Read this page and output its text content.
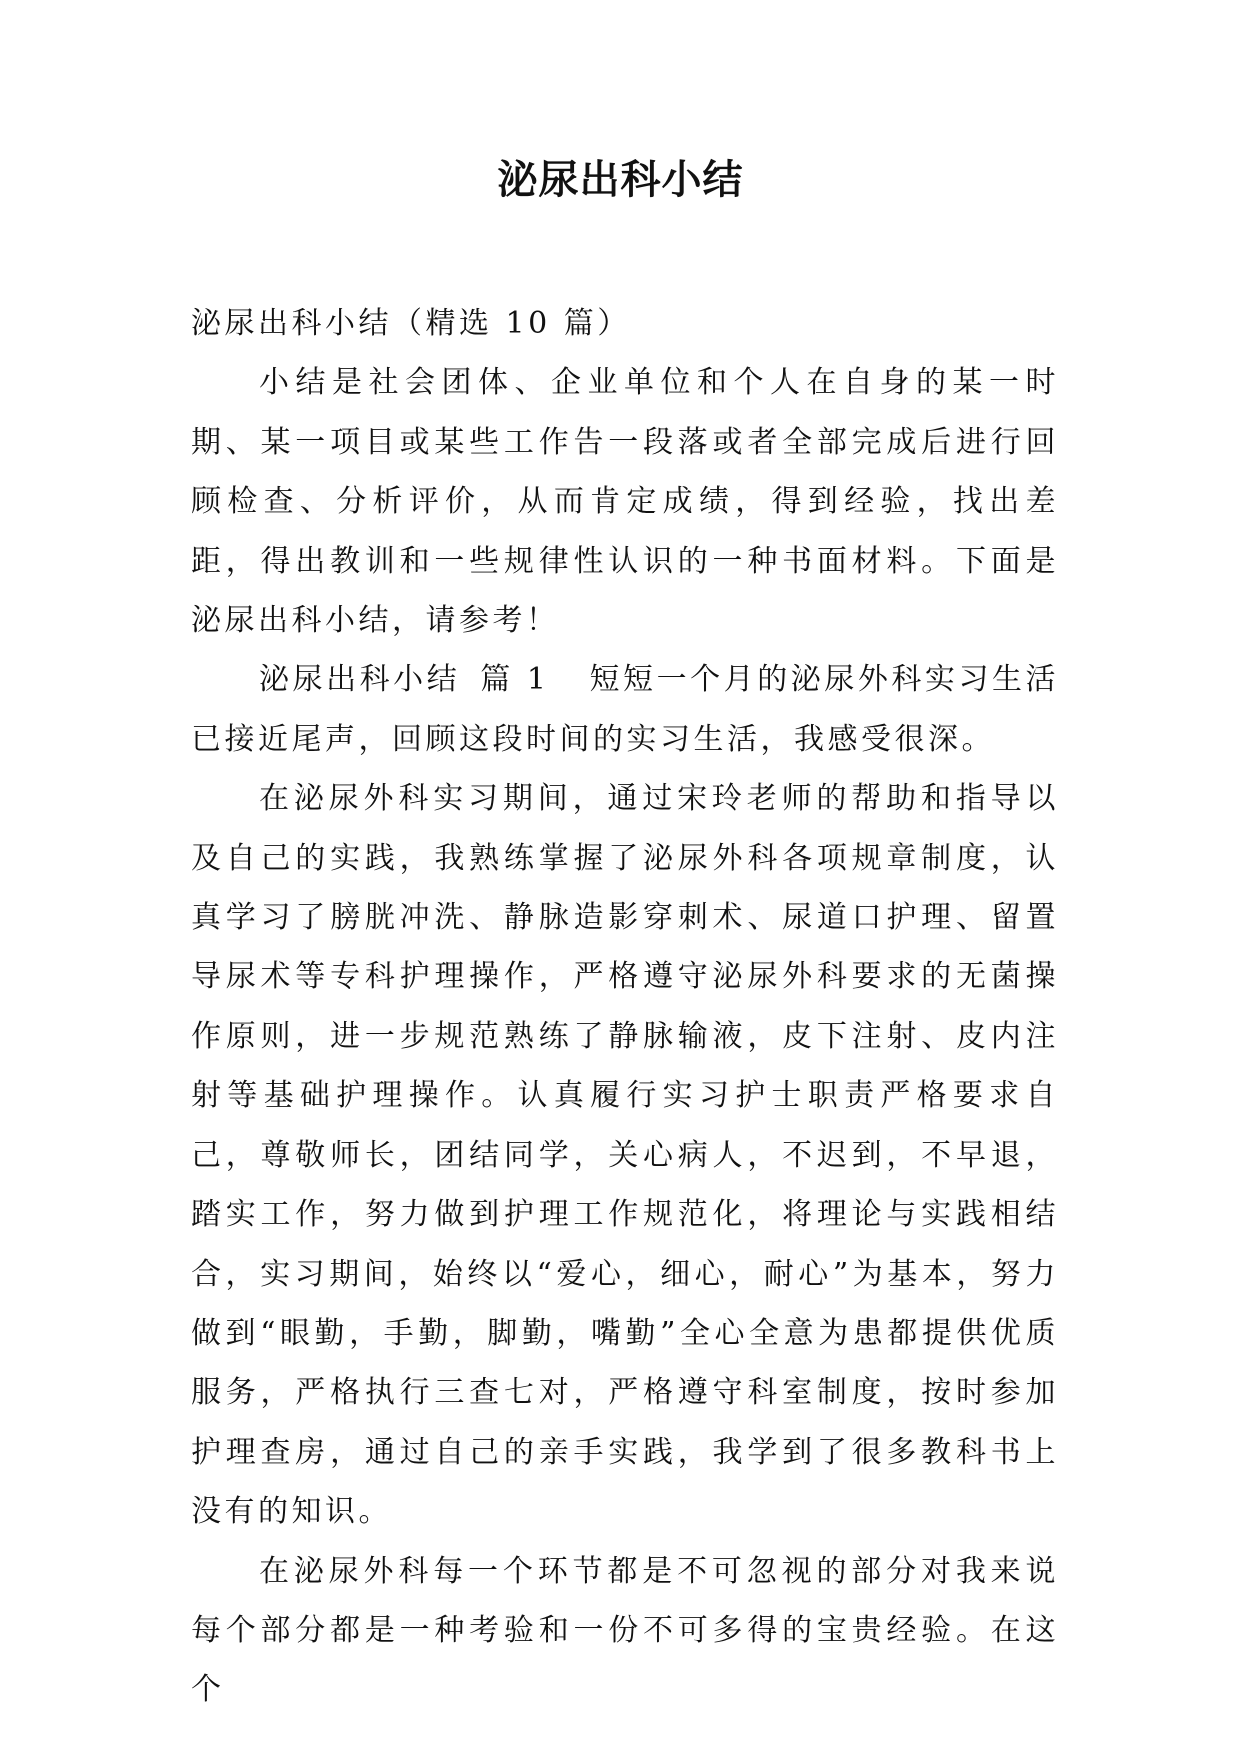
泌尿出科小结

泌尿出科小结（精选 10 篇）

小结是社会团体、企业单位和个人在自身的某一时期、某一项目或某些工作告一段落或者全部完成后进行回顾检查、分析评价，从而肯定成绩，得到经验，找出差距，得出教训和一些规律性认识的一种书面材料。下面是泌尿出科小结，请参考！

泌尿出科小结 篇 1 短短一个月的泌尿外科实习生活已接近尾声，回顾这段时间的实习生活，我感受很深。

在泌尿外科实习期间，通过宋玲老师的帮助和指导以及自己的实践，我熟练掌握了泌尿外科各项规章制度，认真学习了膀胱冲洗、静脉造影穿刺术、尿道口护理、留置导尿术等专科护理操作，严格遵守泌尿外科要求的无菌操作原则，进一步规范熟练了静脉输液，皮下注射、皮内注射等基础护理操作。认真履行实习护士职责严格要求自己，尊敬师长，团结同学，关心病人，不迟到，不早退，踏实工作，努力做到护理工作规范化，将理论与实践相结合，实习期间，始终以“爱心，细心，耐心”为基本，努力做到“眼勤，手勤，脚勤，嘴勤”全心全意为患都提供优质服务，严格执行三查七对，严格遵守科室制度，按时参加护理查房，通过自己的亲手实践，我学到了很多教科书上没有的知识。

在泌尿外科每一个环节都是不可忽视的部分对我来说每个部分都是一种考验和一份不可多得的宝贵经验。在这个
